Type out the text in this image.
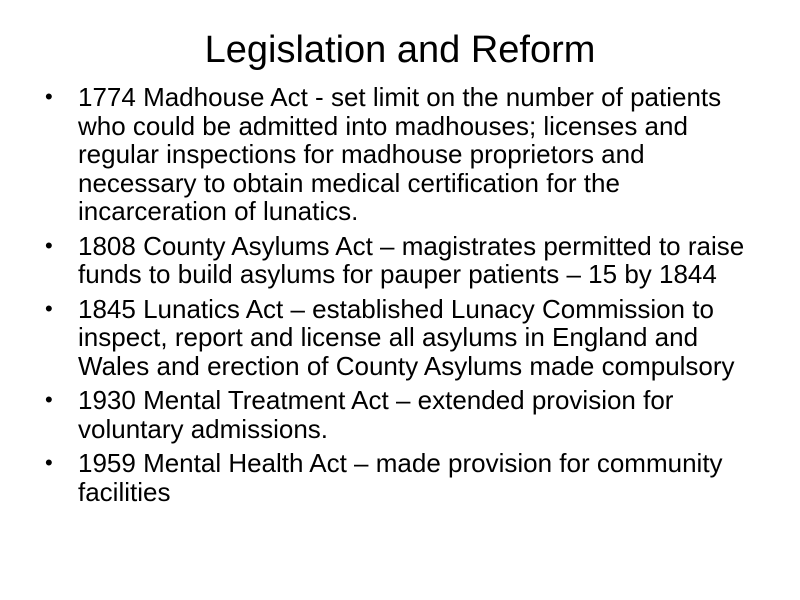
Legislation and Reform
• 1774 Madhouse Act - set limit on the number of patients who could be admitted into madhouses; licenses and regular inspections for madhouse proprietors and necessary to obtain medical certification for the incarceration of lunatics.
• 1808 County Asylums Act – magistrates permitted to raise funds to build asylums for pauper patients – 15 by 1844
• 1845 Lunatics Act – established Lunacy Commission to inspect, report and license all asylums in England and Wales and erection of County Asylums made compulsory
• 1930 Mental Treatment Act – extended provision for voluntary admissions.
• 1959 Mental Health Act – made provision for community facilities
